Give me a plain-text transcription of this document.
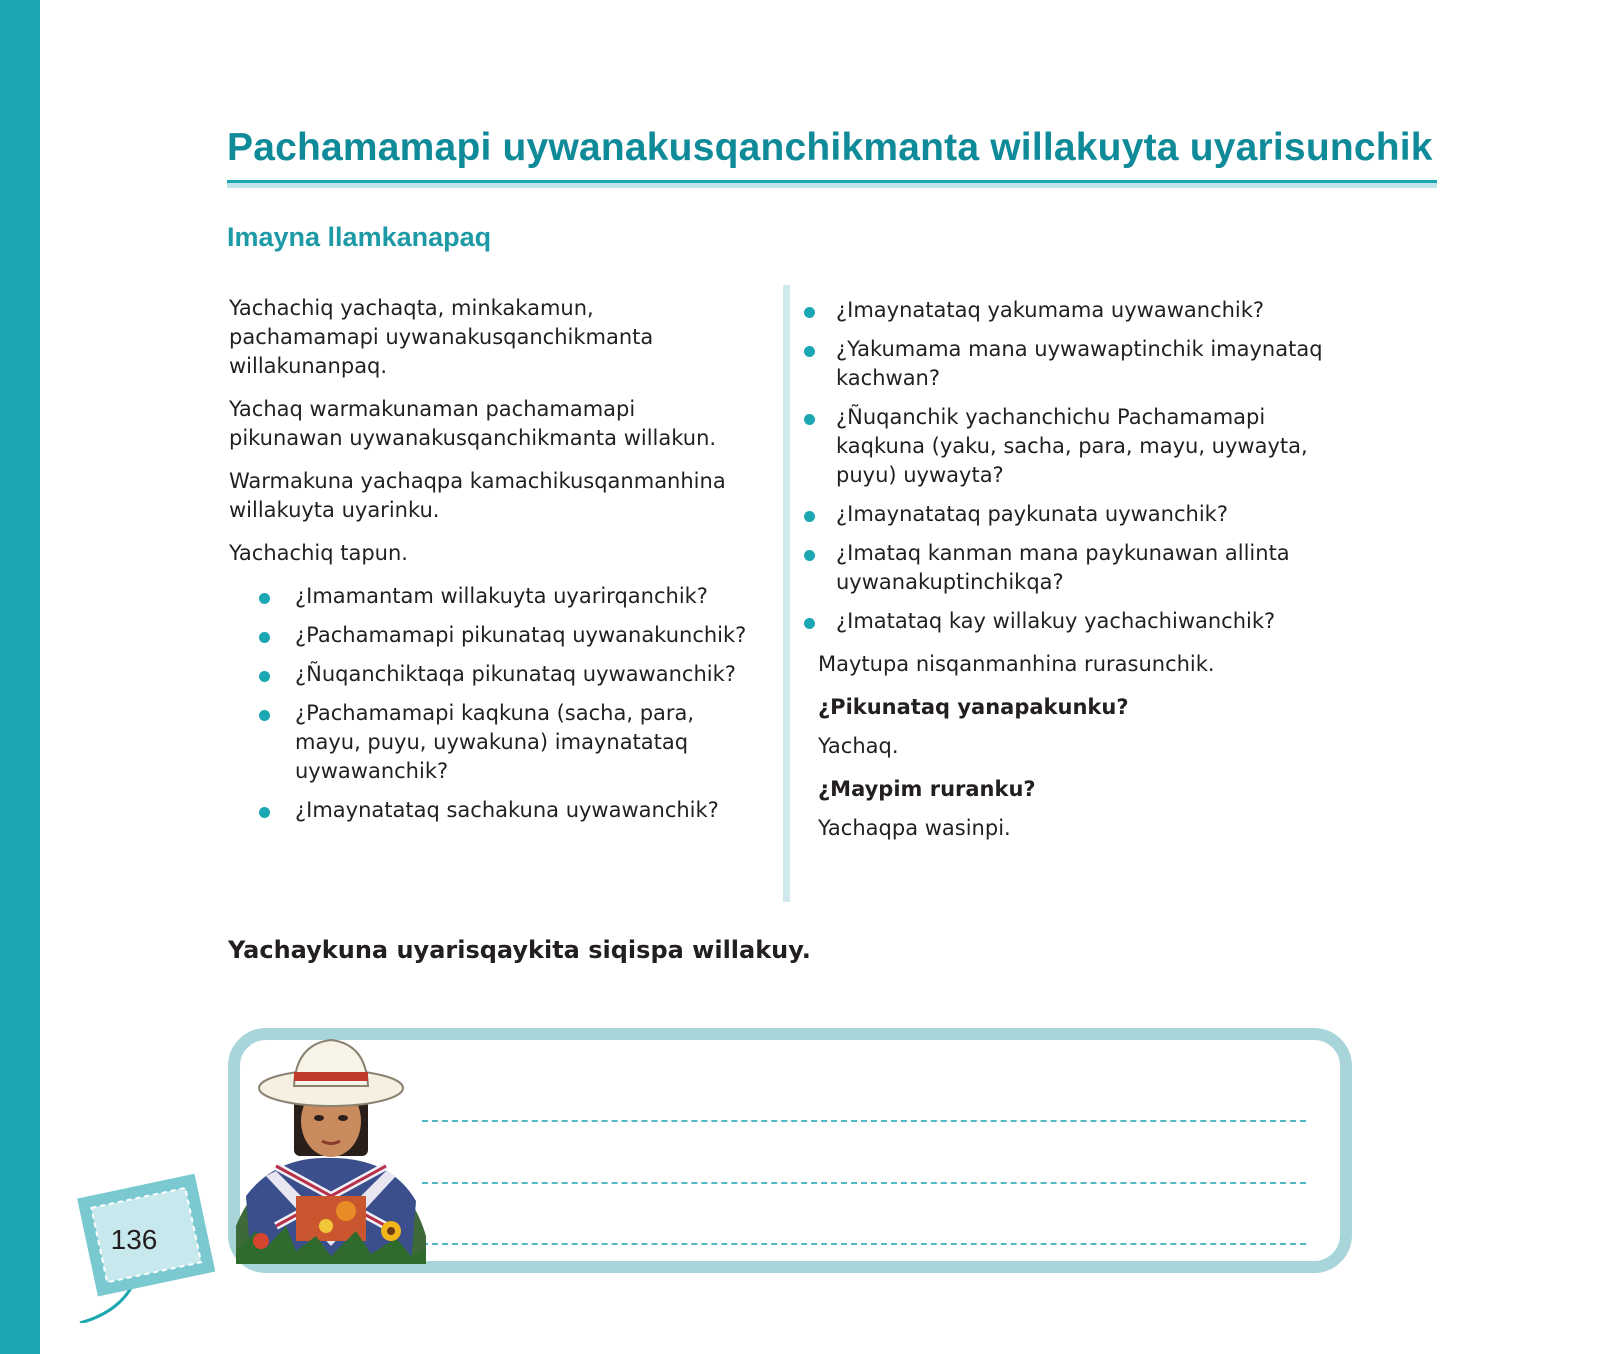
Pachamamapi uywanakusqanchikmanta willakuyta uyarisunchik
Imayna llamkanapaq

Yachachiq yachaqta, minkakamun, pachamamapi uywanakusqanchikmanta willakunanpaq.

Yachaq warmakunaman pachamamapi pikunawan uywanakusqanchikmanta willakun.

Warmakuna yachaqpa kamachikusqanmanhina willakuyta uyarinku.

Yachachiq tapun.

¿Imamantam willakuyta uyarirqanchik?
¿Pachamamapi pikunataq uywanakunchik?
¿Ñuqanchiktaqa pikunataq uywawanchik?
¿Pachamamapi kaqkuna (sacha, para, mayu, puyu, uywakuna) imaynatataq uywawanchik?
¿Imaynatataq sachakuna uywawanchik?
¿Imaynatataq yakumama uywawanchik?
¿Yakumama mana uywawaptinchik imaynataq kachwan?
¿Ñuqanchik yachanchichu Pachamamapi kaqkuna (yaku, sacha, para, mayu, uywayta, puyu) uywayta?
¿Imaynatataq paykunata uywanchik?
¿Imataq kanman mana paykunawan allinta uywanakuptinchikqa?
¿Imatataq kay willakuy yachachiwanchik?

Maytupa nisqanmanhina rurasunchik.

¿Pikunataq yanapakunku?

Yachaq.

¿Maypim ruranku?

Yachaqpa wasinpi.

Yachaykuna uyarisqaykita siqispa willakuy.

136
